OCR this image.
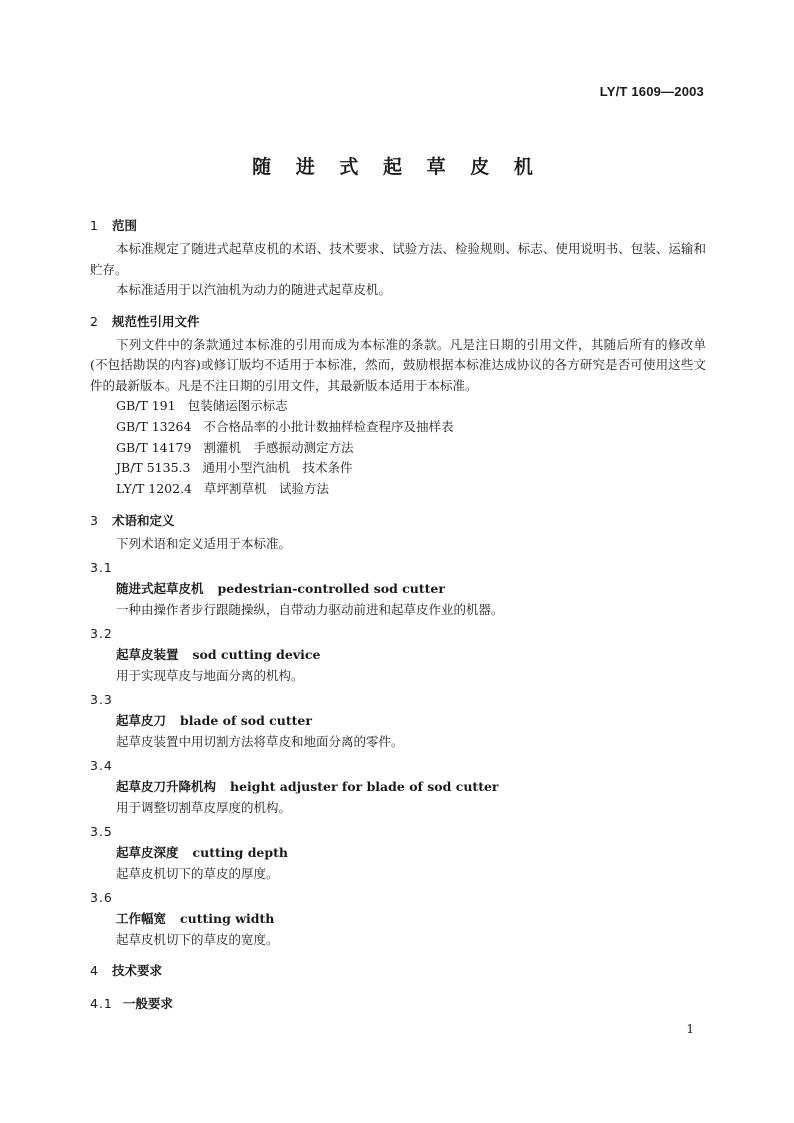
LY/T 1609—2003
随 进 式 起 草 皮 机
1 范围
本标准规定了随进式起草皮机的术语、技术要求、试验方法、检验规则、标志、使用说明书、包装、运输和贮存。
本标准适用于以汽油机为动力的随进式起草皮机。
2 规范性引用文件
下列文件中的条款通过本标准的引用而成为本标准的条款。凡是注日期的引用文件，其随后所有的修改单(不包括勘误的内容)或修订版均不适用于本标准，然而，鼓励根据本标准达成协议的各方研究是否可使用这些文件的最新版本。凡是不注日期的引用文件，其最新版本适用于本标准。
GB/T 191 包装储运图示标志
GB/T 13264 不合格品率的小批计数抽样检查程序及抽样表
GB/T 14179 割灌机　手感振动测定方法
JB/T 5135.3 通用小型汽油机　技术条件
LY/T 1202.4 草坪割草机　试验方法
3 术语和定义
下列术语和定义适用于本标准。
3.1
随进式起草皮机 pedestrian-controlled sod cutter
一种由操作者步行跟随操纵，自带动力驱动前进和起草皮作业的机器。
3.2
起草皮装置 sod cutting device
用于实现草皮与地面分离的机构。
3.3
起草皮刀 blade of sod cutter
起草皮装置中用切割方法将草皮和地面分离的零件。
3.4
起草皮刀升降机构 height adjuster for blade of sod cutter
用于调整切割草皮厚度的机构。
3.5
起草皮深度 cutting depth
起草皮机切下的草皮的厚度。
3.6
工作幅宽 cutting width
起草皮机切下的草皮的宽度。
4 技术要求
4.1 一般要求
1
